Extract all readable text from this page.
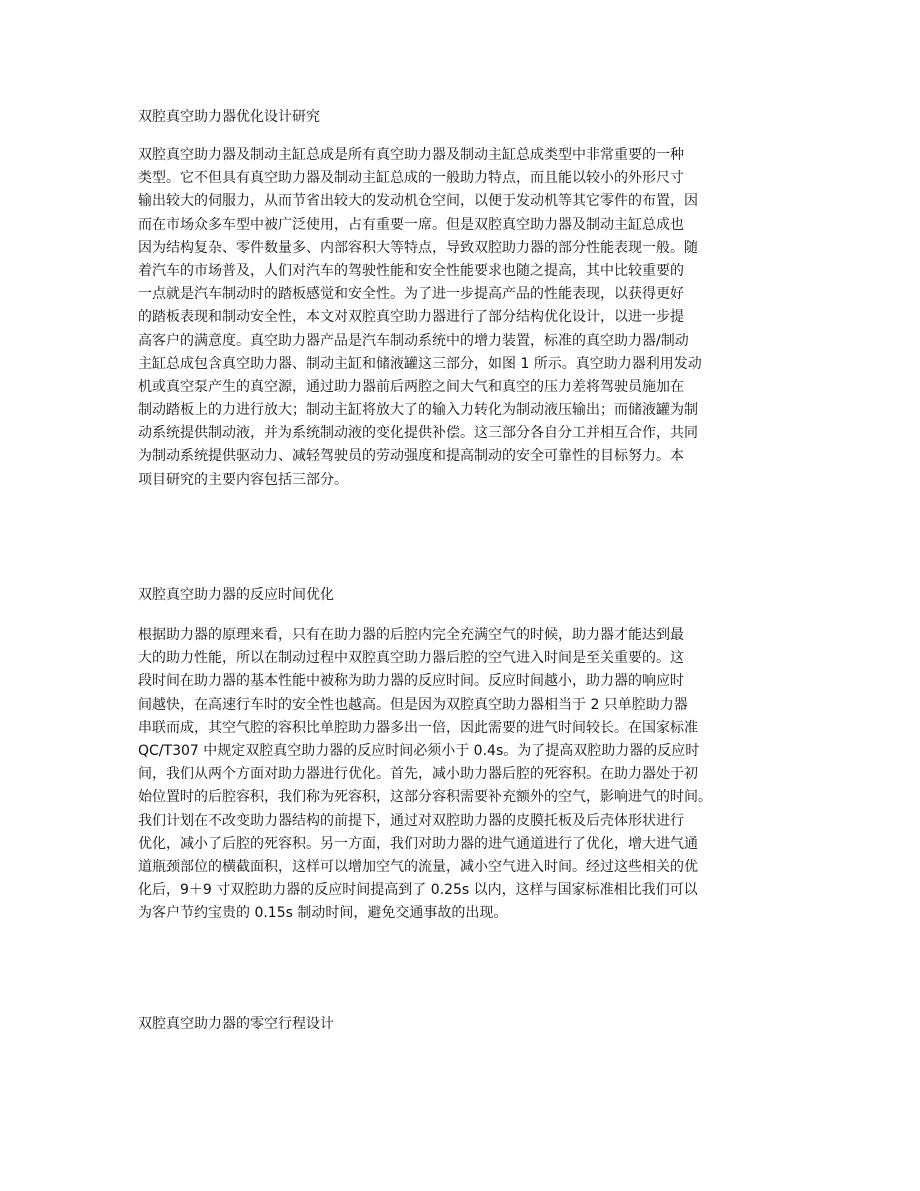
双腔真空助力器优化设计研究
双腔真空助力器及制动主缸总成是所有真空助力器及制动主缸总成类型中非常重要的一种
类型。它不但具有真空助力器及制动主缸总成的一般助力特点，而且能以较小的外形尺寸
输出较大的伺服力，从而节省出较大的发动机仓空间，以便于发动机等其它零件的布置，因
而在市场众多车型中被广泛使用，占有重要一席。但是双腔真空助力器及制动主缸总成也
因为结构复杂、零件数量多、内部容积大等特点，导致双腔助力器的部分性能表现一般。随
着汽车的市场普及，人们对汽车的驾驶性能和安全性能要求也随之提高，其中比较重要的
一点就是汽车制动时的踏板感觉和安全性。为了进一步提高产品的性能表现，以获得更好
的踏板表现和制动安全性，本文对双腔真空助力器进行了部分结构优化设计，以进一步提
高客户的满意度。真空助力器产品是汽车制动系统中的增力装置，标准的真空助力器/制动
主缸总成包含真空助力器、制动主缸和储液罐这三部分，如图 1 所示。真空助力器利用发动
机或真空泵产生的真空源，通过助力器前后两腔之间大气和真空的压力差将驾驶员施加在
制动踏板上的力进行放大；制动主缸将放大了的输入力转化为制动液压输出；而储液罐为制
动系统提供制动液，并为系统制动液的变化提供补偿。这三部分各自分工并相互合作，共同
为制动系统提供驱动力、减轻驾驶员的劳动强度和提高制动的安全可靠性的目标努力。本
项目研究的主要内容包括三部分。
双腔真空助力器的反应时间优化
根据助力器的原理来看，只有在助力器的后腔内完全充满空气的时候，助力器才能达到最
大的助力性能，所以在制动过程中双腔真空助力器后腔的空气进入时间是至关重要的。这
段时间在助力器的基本性能中被称为助力器的反应时间。反应时间越小，助力器的响应时
间越快，在高速行车时的安全性也越高。但是因为双腔真空助力器相当于 2 只单腔助力器
串联而成，其空气腔的容积比单腔助力器多出一倍，因此需要的进气时间较长。在国家标准
QC/T307 中规定双腔真空助力器的反应时间必须小于 0.4s。为了提高双腔助力器的反应时
间，我们从两个方面对助力器进行优化。首先，减小助力器后腔的死容积。在助力器处于初
始位置时的后腔容积，我们称为死容积，这部分容积需要补充额外的空气，影响进气的时间。
我们计划在不改变助力器结构的前提下，通过对双腔助力器的皮膜托板及后壳体形状进行
优化，减小了后腔的死容积。另一方面，我们对助力器的进气通道进行了优化，增大进气通
道瓶颈部位的横截面积，这样可以增加空气的流量，减小空气进入时间。经过这些相关的优
化后，9＋9 寸双腔助力器的反应时间提高到了 0.25s 以内，这样与国家标准相比我们可以
为客户节约宝贵的 0.15s 制动时间，避免交通事故的出现。
双腔真空助力器的零空行程设计
